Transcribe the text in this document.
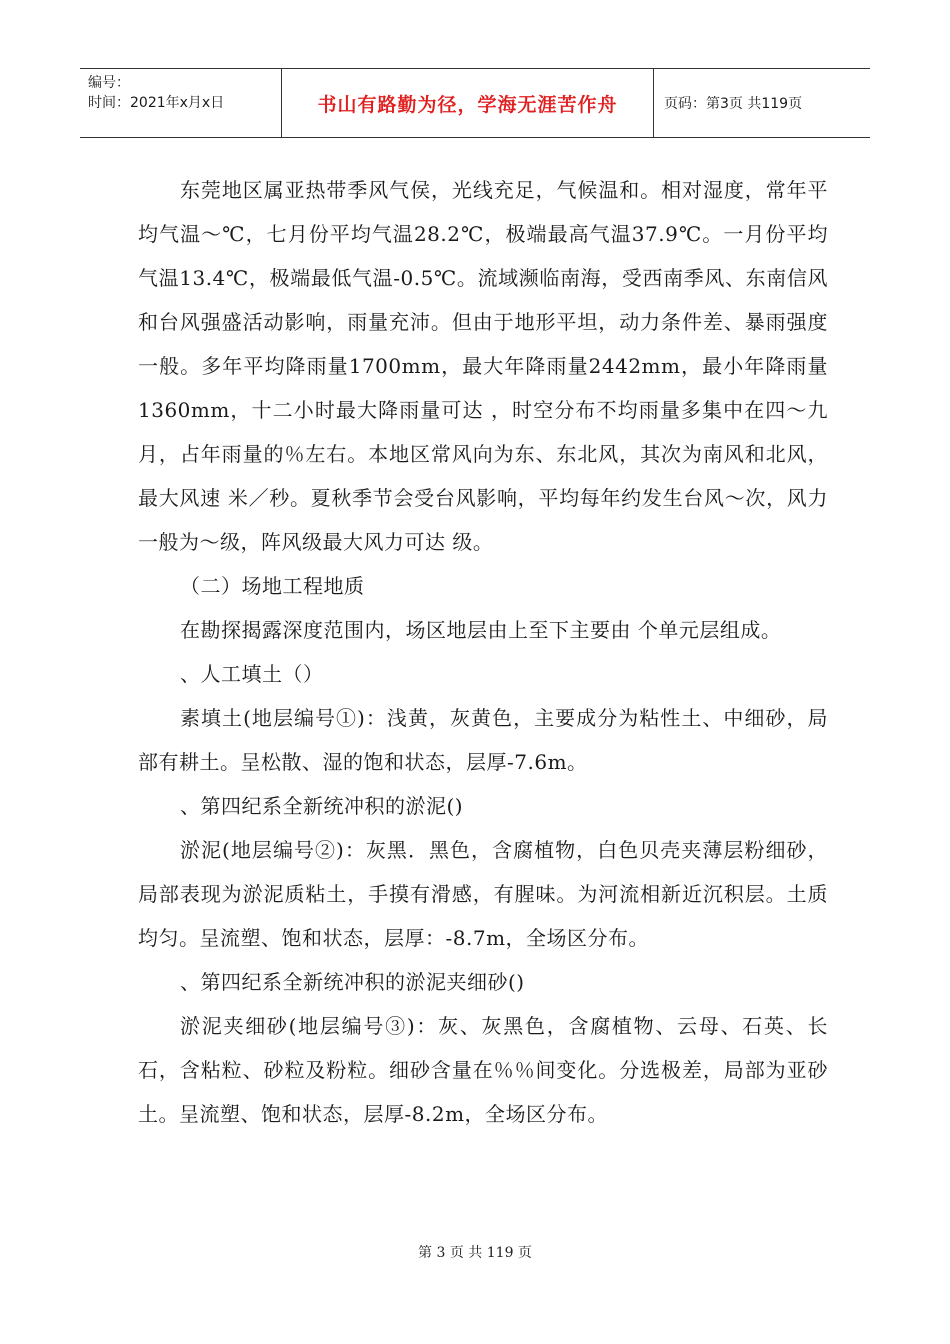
编号：
时间：2021年x月x日	书山有路勤为径，学海无涯苦作舟	页码：第3页 共119页

东莞地区属亚热带季风气侯，光线充足，气候温和。相对湿度，常年平均气温～℃，七月份平均气温28.2℃，极端最高气温37.9℃。一月份平均气温13.4℃，极端最低气温-0.5℃。流域濒临南海，受西南季风、东南信风和台风强盛活动影响，雨量充沛。但由于地形平坦，动力条件差、暴雨强度一般。多年平均降雨量1700mm，最大年降雨量2442mm，最小年降雨量1360mm，十二小时最大降雨量可达 ，时空分布不均雨量多集中在四～九月，占年雨量的％左右。本地区常风向为东、东北风，其次为南风和北风，最大风速 米／秒。夏秋季节会受台风影响，平均每年约发生台风～次，风力一般为～级，阵风级最大风力可达 级。

（二）场地工程地质

在勘探揭露深度范围内，场区地层由上至下主要由 个单元层组成。

、人工填土（）

素填土(地层编号①)：浅黄，灰黄色，主要成分为粘性土、中细砂，局部有耕土。呈松散、湿的饱和状态，层厚-7.6m。

、第四纪系全新统冲积的淤泥()

淤泥(地层编号②)：灰黑．黑色，含腐植物，白色贝壳夹薄层粉细砂，局部表现为淤泥质粘土，手摸有滑感，有腥味。为河流相新近沉积层。土质均匀。呈流塑、饱和状态，层厚：-8.7m，全场区分布。

、第四纪系全新统冲积的淤泥夹细砂()

淤泥夹细砂(地层编号③)：灰、灰黑色，含腐植物、云母、石英、长石，含粘粒、砂粒及粉粒。细砂含量在％％间变化。分选极差，局部为亚砂土。呈流塑、饱和状态，层厚-8.2m，全场区分布。

第 3 页 共 119 页
